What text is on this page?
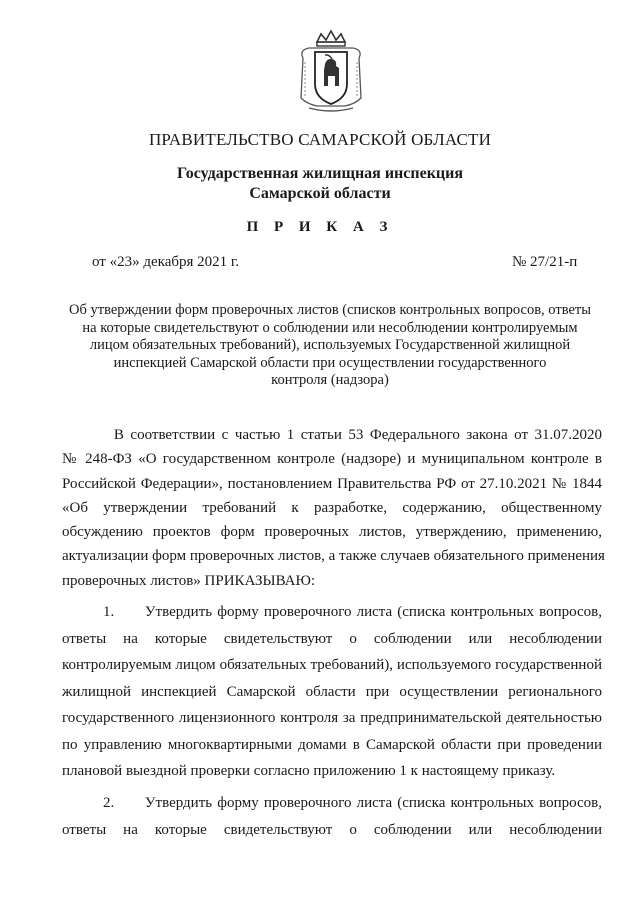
ПРАВИТЕЛЬСТВО САМАРСКОЙ ОБЛАСТИ
Государственная жилищная инспекция
Самарской области
П Р И К А З
от «23» декабря 2021 г.	№ 27/21-п
Об утверждении форм проверочных листов (списков контрольных вопросов, ответы
на которые свидетельствуют о соблюдении или несоблюдении контролируемым
лицом обязательных требований), используемых Государственной жилищной
инспекцией Самарской области при осуществлении государственного
контроля (надзора)
В соответствии с частью 1 статьи 53 Федерального закона от 31.07.2020
№ 248-ФЗ «О государственном контроле (надзоре) и муниципальном контроле в
Российской Федерации», постановлением Правительства РФ от 27.10.2021 № 1844
«Об утверждении требований к разработке, содержанию, общественному
обсуждению проектов форм проверочных листов, утверждению, применению,
актуализации форм проверочных листов, а также случаев обязательного применения
проверочных листов» ПРИКАЗЫВАЮ:
1.      Утвердить форму проверочного листа (списка контрольных вопросов,
ответы на которые свидетельствуют о соблюдении или несоблюдении
контролируемым лицом обязательных требований), используемого государственной
жилищной инспекцией Самарской области при осуществлении регионального
государственного лицензионного контроля за предпринимательской деятельностью
по управлению многоквартирными домами в Самарской области при проведении
плановой выездной проверки согласно приложению 1 к настоящему приказу.
2.      Утвердить форму проверочного листа (списка контрольных вопросов,
ответы на которые свидетельствуют о соблюдении или несоблюдении
